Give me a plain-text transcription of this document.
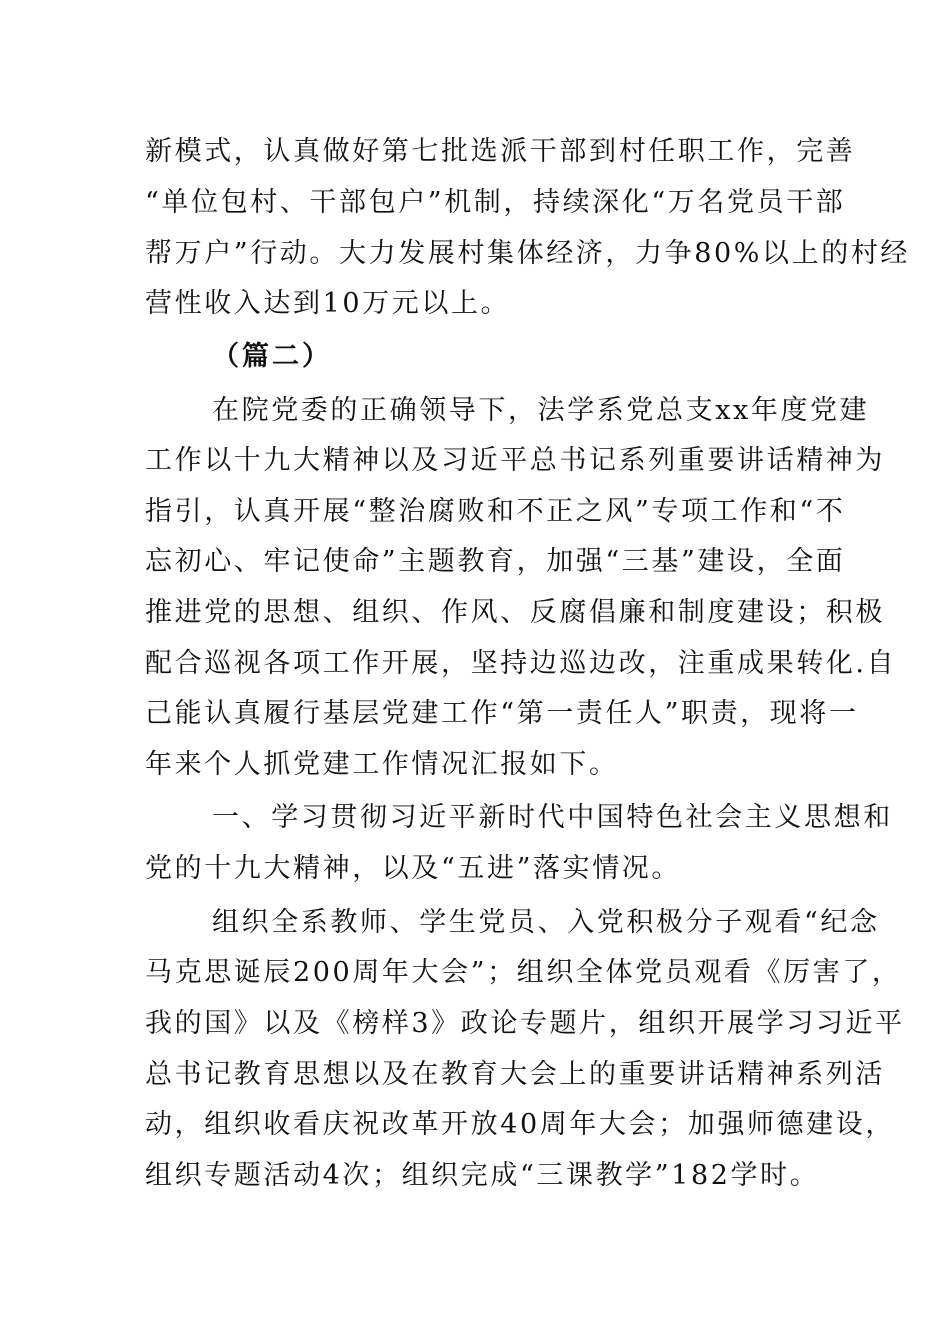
新模式，认真做好第七批选派干部到村任职工作，完善
“单位包村、干部包户”机制，持续深化“万名党员干部
帮万户”行动。大力发展村集体经济，力争80%以上的村经
营性收入达到10万元以上。
（篇二）
在院党委的正确领导下，法学系党总支xx年度党建
工作以十九大精神以及习近平总书记系列重要讲话精神为
指引，认真开展“整治腐败和不正之风”专项工作和“不
忘初心、牢记使命”主题教育，加强“三基”建设，全面
推进党的思想、组织、作风、反腐倡廉和制度建设；积极
配合巡视各项工作开展，坚持边巡边改，注重成果转化.自
己能认真履行基层党建工作“第一责任人”职责，现将一
年来个人抓党建工作情况汇报如下。
一、学习贯彻习近平新时代中国特色社会主义思想和
党的十九大精神，以及“五进”落实情况。
组织全系教师、学生党员、入党积极分子观看“纪念
马克思诞辰200周年大会”；组织全体党员观看《厉害了，
我的国》以及《榜样3》政论专题片，组织开展学习习近平
总书记教育思想以及在教育大会上的重要讲话精神系列活
动，组织收看庆祝改革开放40周年大会；加强师德建设，
组织专题活动4次；组织完成“三课教学”182学时。
